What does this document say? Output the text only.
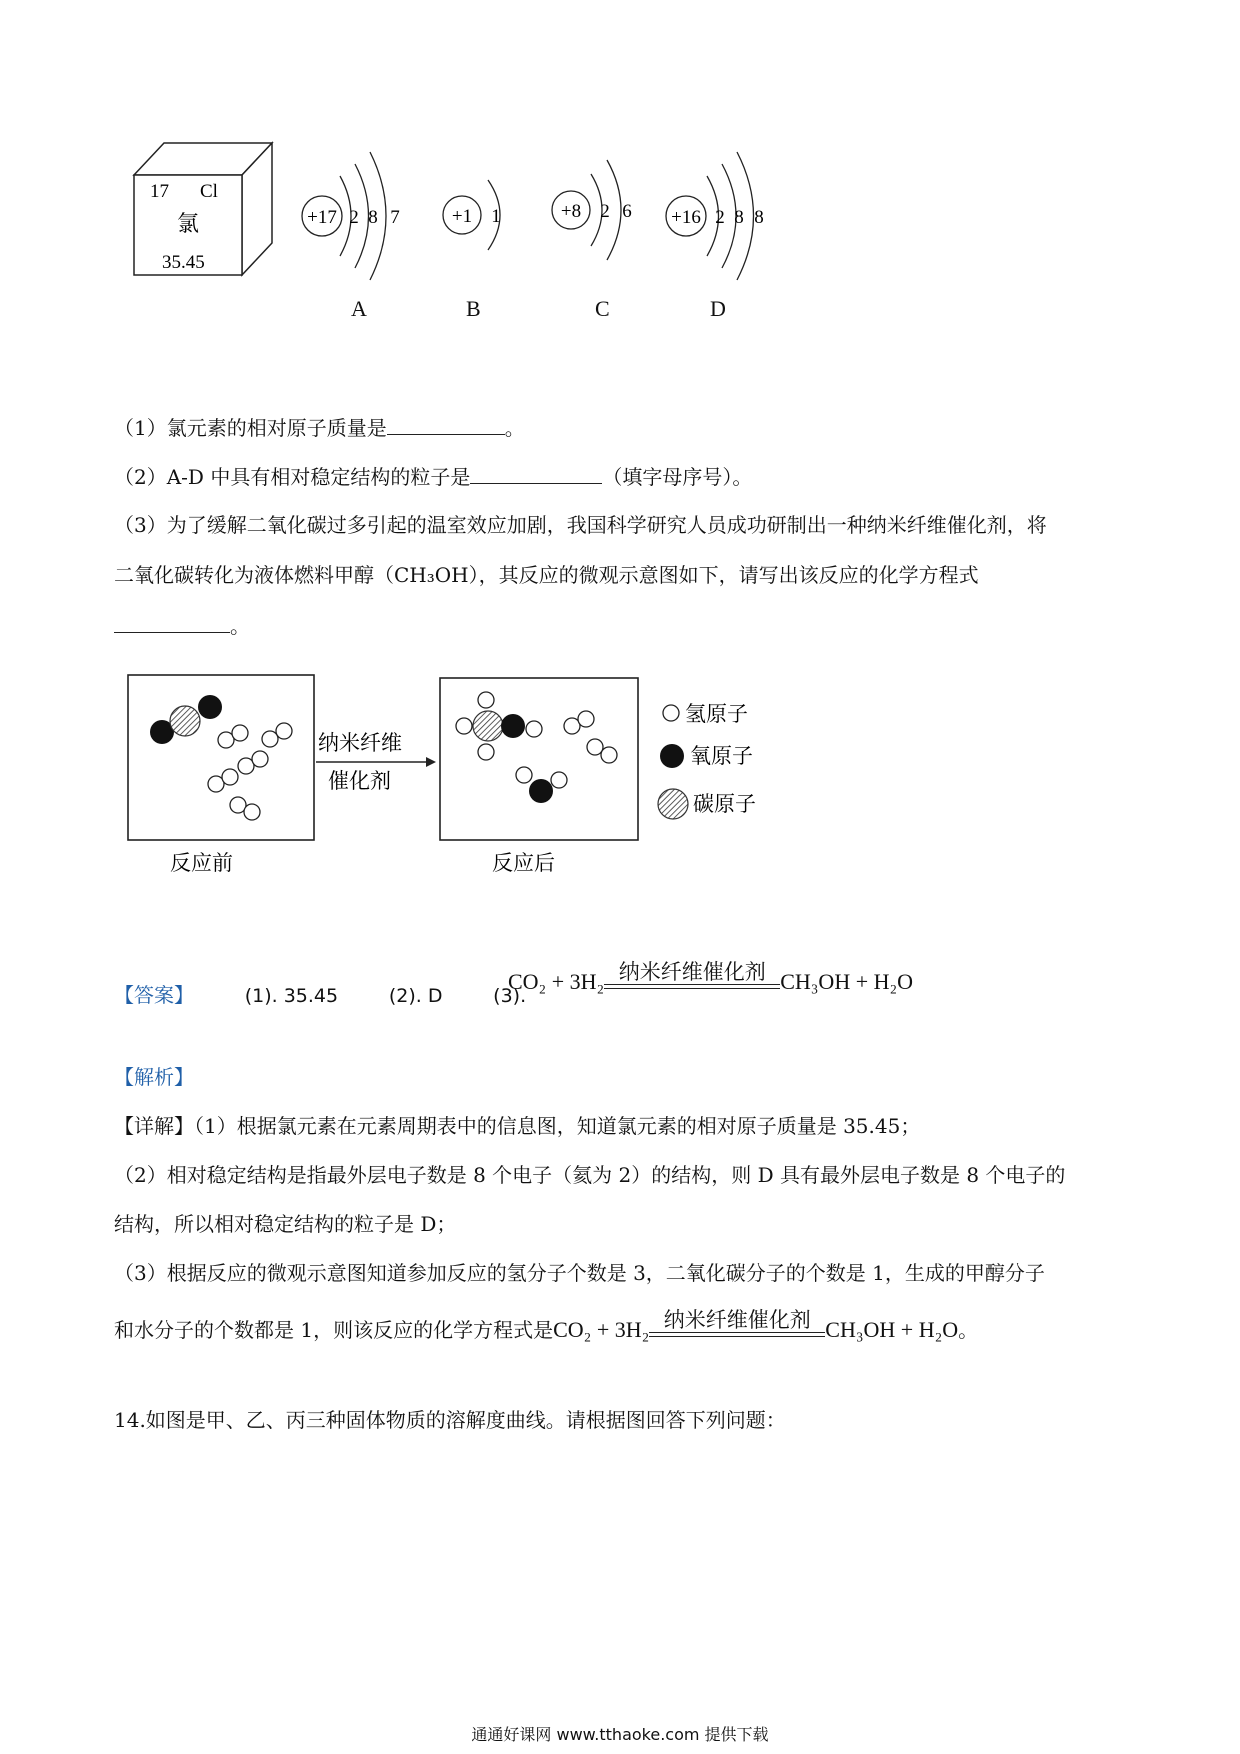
17 Cl
氯
35.45
+17 2 8 7
A
+1 1
B
+8 2 6
C
+16 2 8 8
D
（1）氯元素的相对原子质量是	。
（2）A-D 中具有相对稳定结构的粒子是	（填字母序号）。
（3）为了缓解二氧化碳过多引起的温室效应加剧，我国科学研究人员成功研制出一种纳米纤维催化剂，将
二氧化碳转化为液体燃料甲醇（CH₃OH），其反应的微观示意图如下，请写出该反应的化学方程式
。
纳米纤维
催化剂
氢原子
氧原子
碳原子
反应前	反应后
【答案】	(1). 35.45	(2). D	(3).
CO₂ + 3H₂ 纳米纤维催化剂 CH₃OH + H₂O
【解析】
【详解】（1）根据氯元素在元素周期表中的信息图，知道氯元素的相对原子质量是 35.45；
（2）相对稳定结构是指最外层电子数是 8 个电子（氦为 2）的结构，则 D 具有最外层电子数是 8 个电子的
结构，所以相对稳定结构的粒子是 D；
（3）根据反应的微观示意图知道参加反应的氢分子个数是 3，二氧化碳分子的个数是 1，生成的甲醇分子
和水分子的个数都是 1，则该反应的化学方程式是CO₂ + 3H₂ 纳米纤维催化剂 CH₃OH + H₂O。
14.如图是甲、乙、丙三种固体物质的溶解度曲线。请根据图回答下列问题：
通通好课网 www.tthaoke.com 提供下载
